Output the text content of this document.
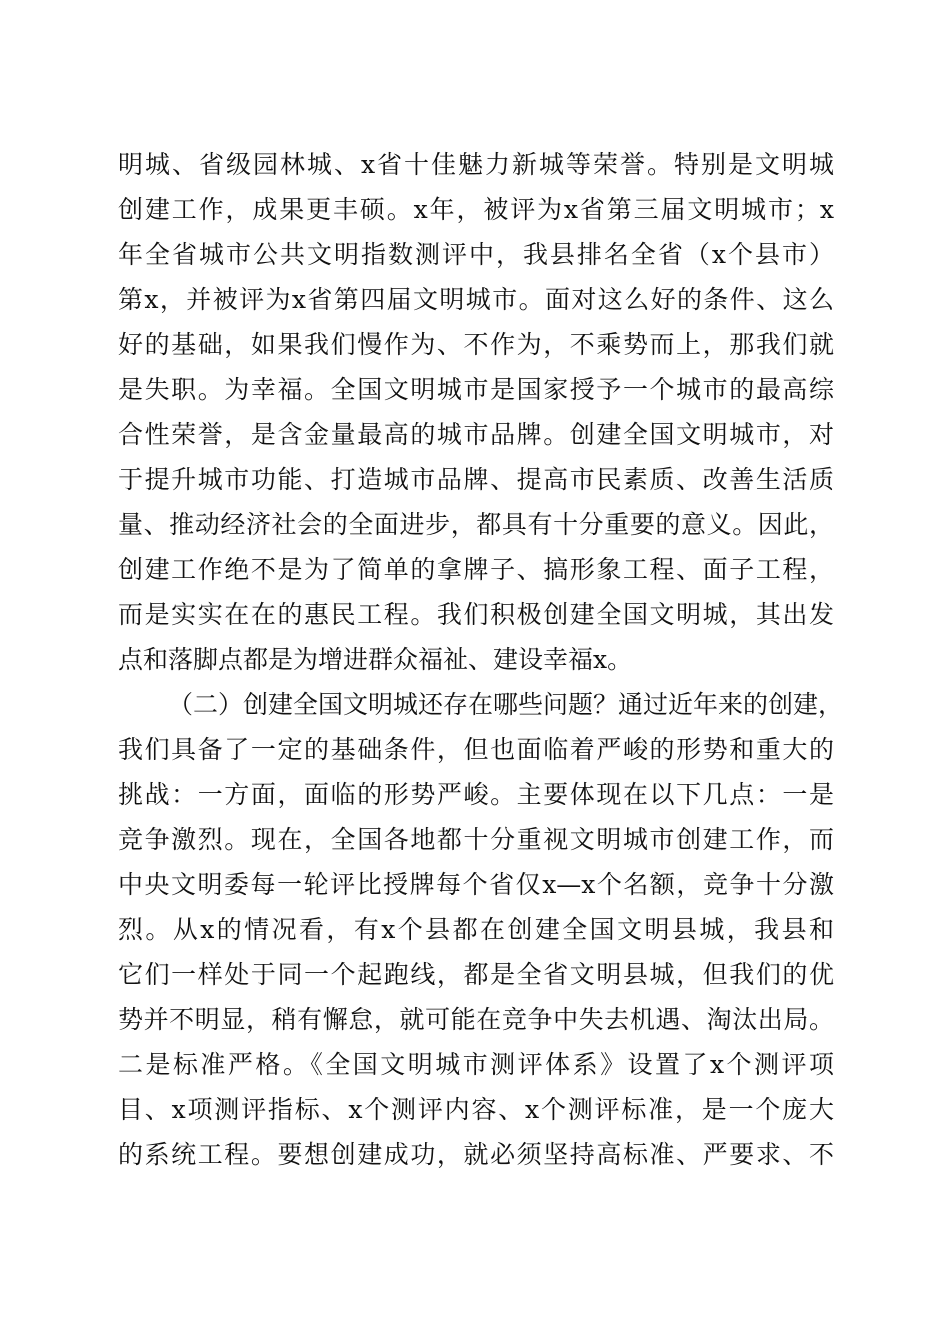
明城、省级园林城、x省十佳魅力新城等荣誉。特别是文明城
创建工作，成果更丰硕。x年，被评为x省第三届文明城市；x
年全省城市公共文明指数测评中，我县排名全省（x个县市）
第x，并被评为x省第四届文明城市。面对这么好的条件、这么
好的基础，如果我们慢作为、不作为，不乘势而上，那我们就
是失职。为幸福。全国文明城市是国家授予一个城市的最高综
合性荣誉，是含金量最高的城市品牌。创建全国文明城市，对
于提升城市功能、打造城市品牌、提高市民素质、改善生活质
量、推动经济社会的全面进步，都具有十分重要的意义。因此，
创建工作绝不是为了简单的拿牌子、搞形象工程、面子工程，
而是实实在在的惠民工程。我们积极创建全国文明城，其出发
点和落脚点都是为增进群众福祉、建设幸福x。
（二）创建全国文明城还存在哪些问题？通过近年来的创建，
我们具备了一定的基础条件，但也面临着严峻的形势和重大的
挑战：一方面，面临的形势严峻。主要体现在以下几点：一是
竞争激烈。现在，全国各地都十分重视文明城市创建工作，而
中央文明委每一轮评比授牌每个省仅x—x个名额，竞争十分激
烈。从x的情况看，有x个县都在创建全国文明县城，我县和
它们一样处于同一个起跑线，都是全省文明县城，但我们的优
势并不明显，稍有懈怠，就可能在竞争中失去机遇、淘汰出局。
二是标准严格。《全国文明城市测评体系》设置了x个测评项
目、x项测评指标、x个测评内容、x个测评标准，是一个庞大
的系统工程。要想创建成功，就必须坚持高标准、严要求、不
